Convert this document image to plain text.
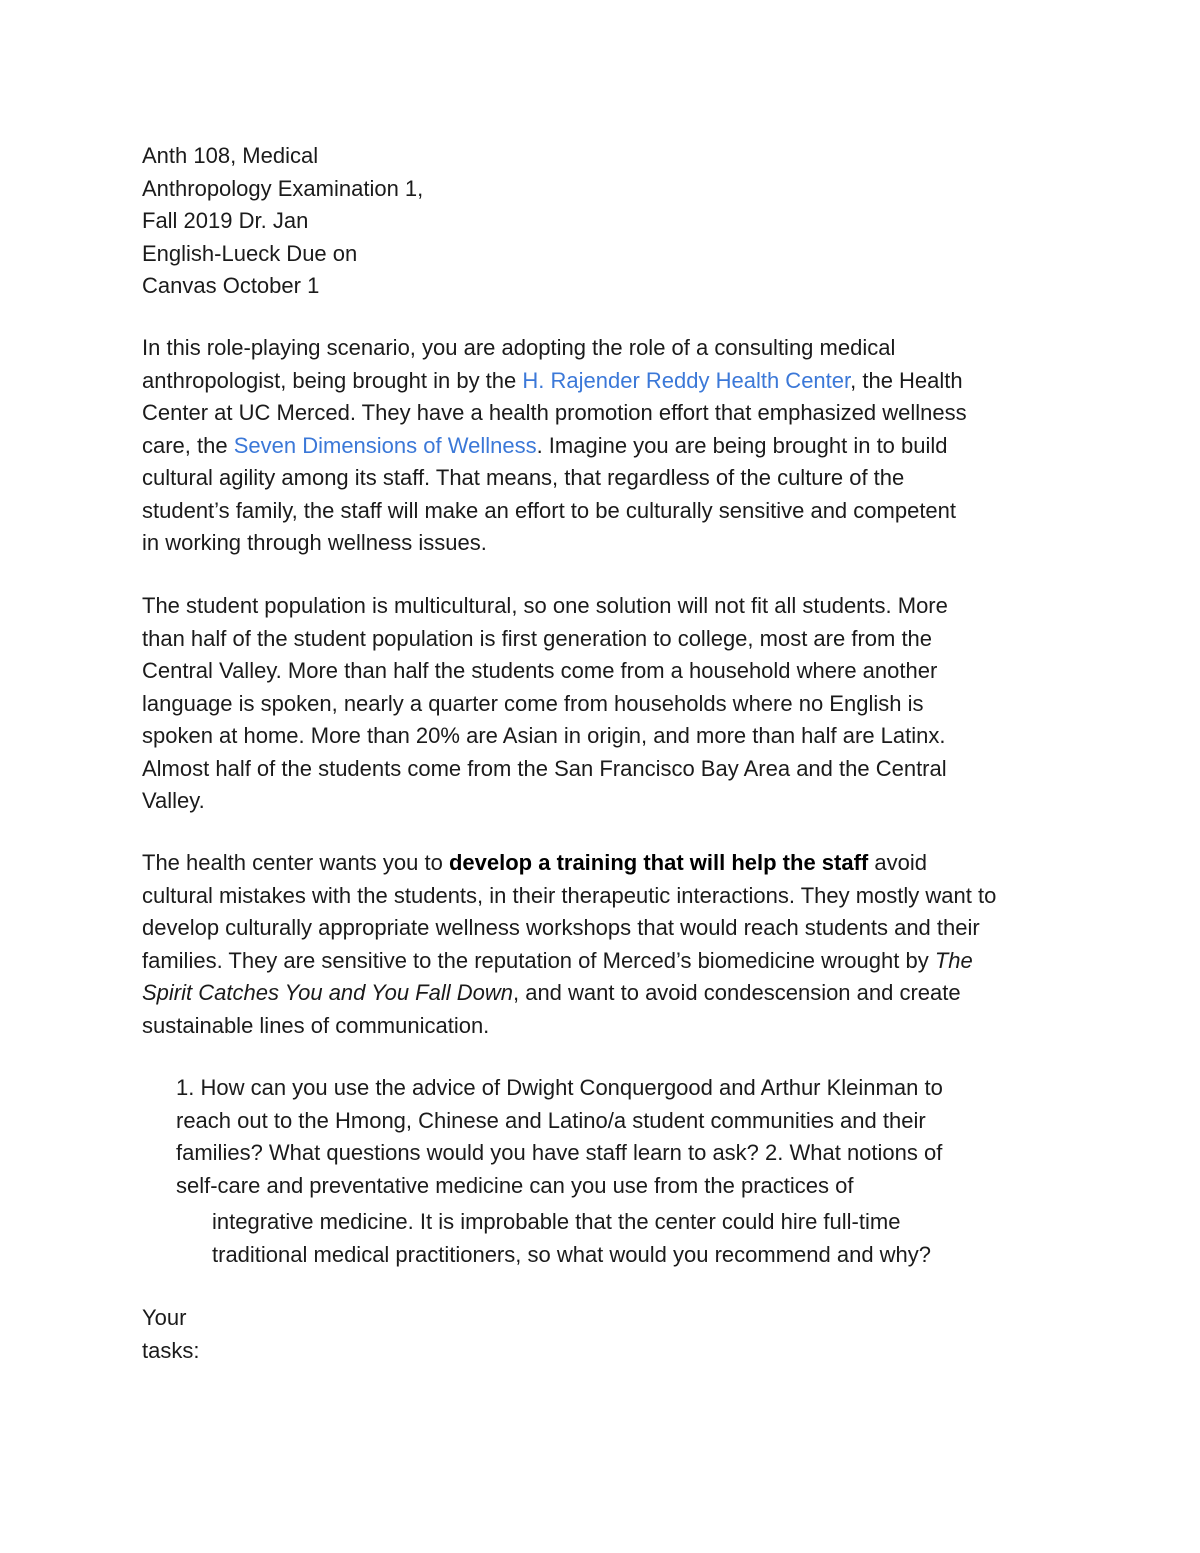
Anth 108, Medical
Anthropology Examination 1,
Fall 2019 Dr. Jan
English-Lueck Due on
Canvas October 1
In this role-playing scenario, you are adopting the role of a consulting medical
anthropologist, being brought in by the H. Rajender Reddy Health Center, the Health
Center at UC Merced. They have a health promotion effort that emphasized wellness
care, the Seven Dimensions of Wellness. Imagine you are being brought in to build
cultural agility among its staff. That means, that regardless of the culture of the
student’s family, the staff will make an effort to be culturally sensitive and competent
in working through wellness issues.
The student population is multicultural, so one solution will not fit all students. More
than half of the student population is first generation to college, most are from the
Central Valley. More than half the students come from a household where another
language is spoken, nearly a quarter come from households where no English is
spoken at home. More than 20% are Asian in origin, and more than half are Latinx.
Almost half of the students come from the San Francisco Bay Area and the Central
Valley.
The health center wants you to develop a training that will help the staff avoid
cultural mistakes with the students, in their therapeutic interactions. They mostly want to
develop culturally appropriate wellness workshops that would reach students and their
families. They are sensitive to the reputation of Merced’s biomedicine wrought by The
Spirit Catches You and You Fall Down, and want to avoid condescension and create
sustainable lines of communication.
1. How can you use the advice of Dwight Conquergood and Arthur Kleinman to
reach out to the Hmong, Chinese and Latino/a student communities and their
families? What questions would you have staff learn to ask? 2. What notions of
self-care and preventative medicine can you use from the practices of
integrative medicine. It is improbable that the center could hire full-time
traditional medical practitioners, so what would you recommend and why?
Your
tasks:
